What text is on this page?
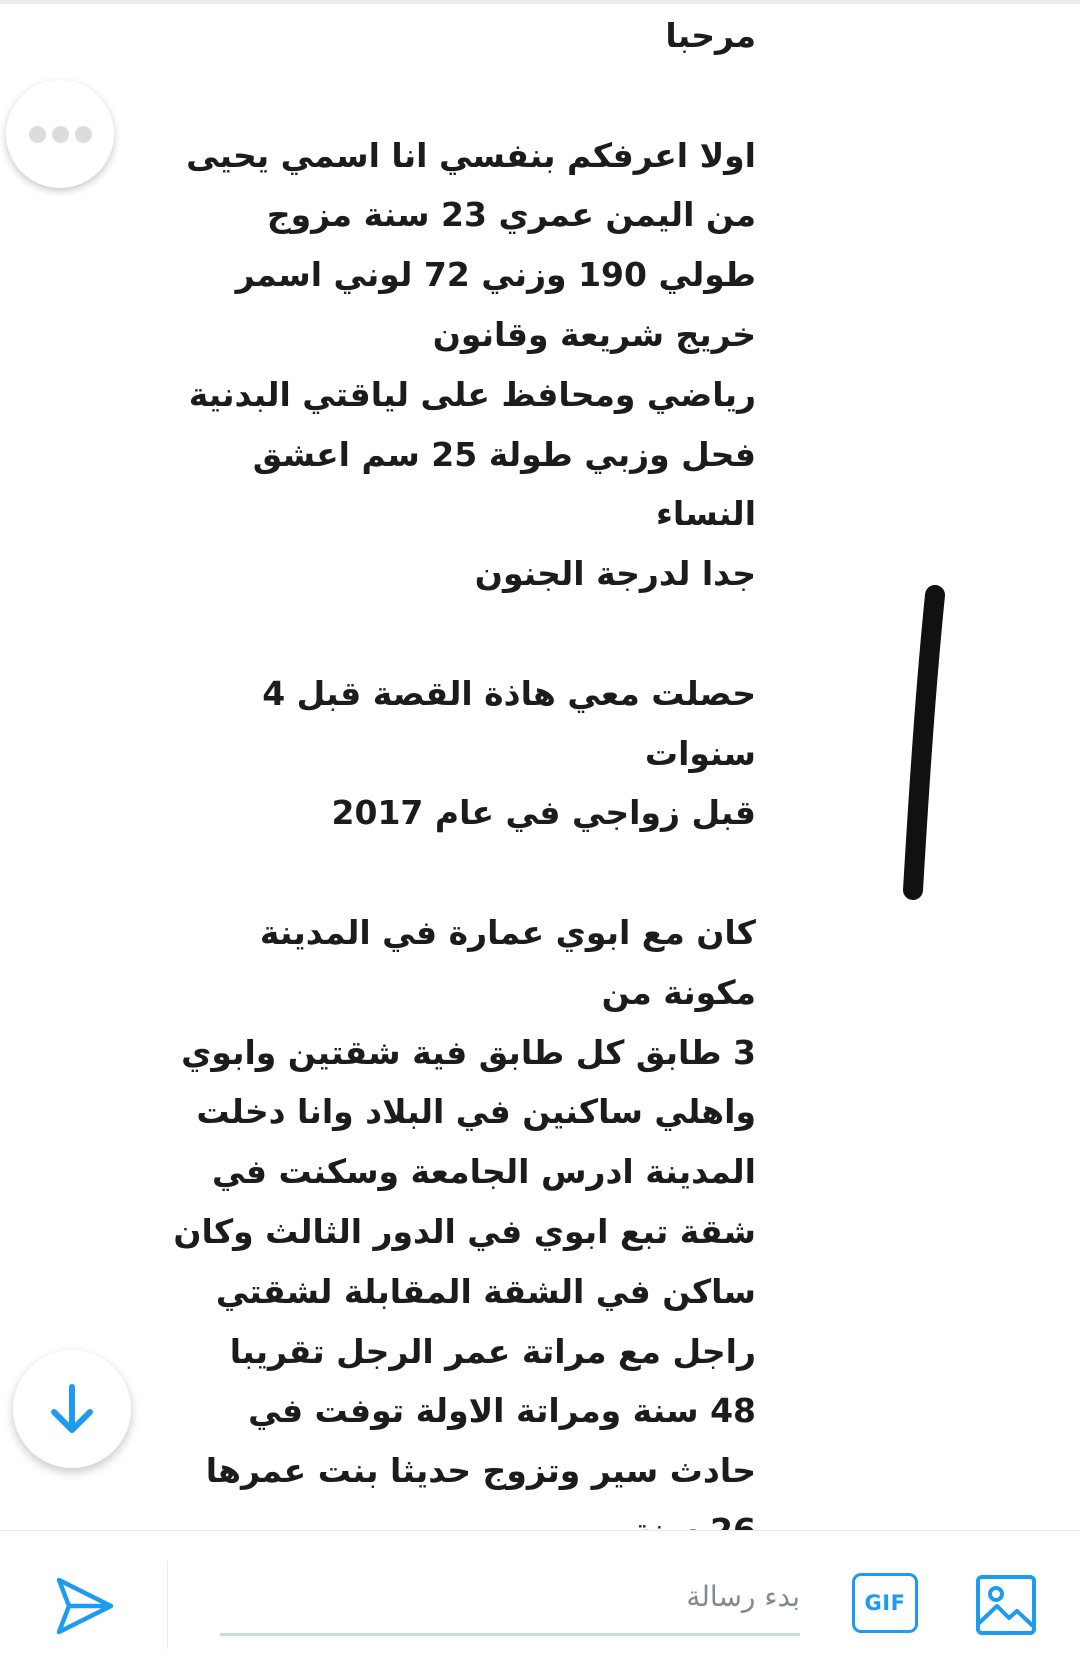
مرحبا
اولا اعرفكم بنفسي انا اسمي يحيى
من اليمن عمري 23 سنة مزوج
طولي 190 وزني 72 لوني اسمر
خريج شريعة وقانون
رياضي ومحافظ على لياقتي البدنية
فحل وزبي طولة 25 سم اعشق
النساء
جدا لدرجة الجنون
حصلت معي هاذة القصة قبل 4
سنوات
قبل زواجي في عام 2017
كان مع ابوي عمارة في المدينة
مكونة من
3 طابق كل طابق فية شقتين وابوي
واهلي ساكنين في البلاد وانا دخلت
المدينة ادرس الجامعة وسكنت في
شقة تبع ابوي في الدور الثالث وكان
ساكن في الشقة المقابلة لشقتي
راجل مع مراتة عمر الرجل تقريبا
48 سنة ومراتة الاولة توفت في
حادث سير وتزوج حديثا بنت عمرها
بدء رسالة
GIF
